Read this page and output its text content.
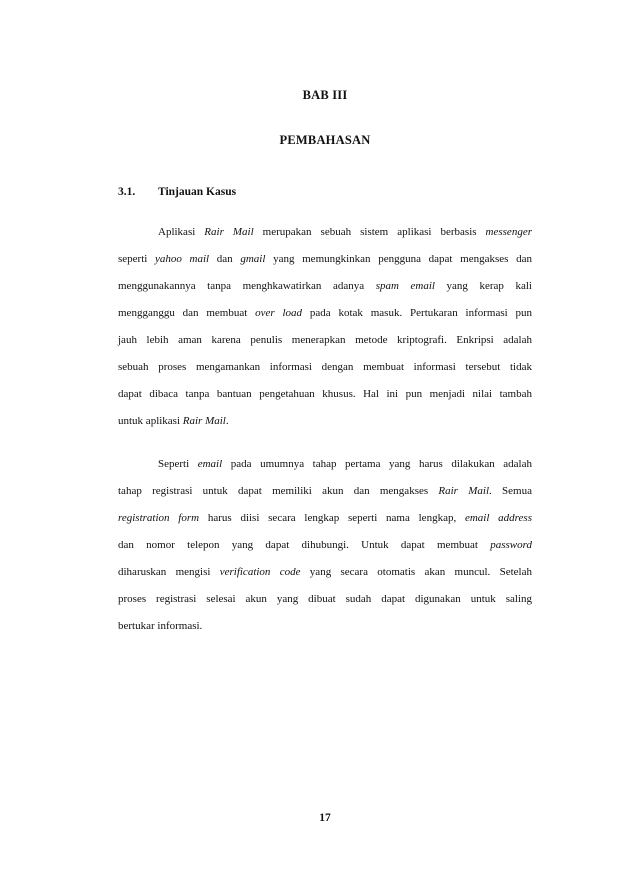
BAB III
PEMBAHASAN
3.1. Tinjauan Kasus
Aplikasi Rair Mail merupakan sebuah sistem aplikasi berbasis messenger
seperti yahoo mail dan gmail yang memungkinkan pengguna dapat mengakses dan
menggunakannya tanpa menghkawatirkan adanya spam email yang kerap kali
mengganggu dan membuat over load pada kotak masuk. Pertukaran informasi pun
jauh lebih aman karena penulis menerapkan metode kriptografi. Enkripsi adalah
sebuah proses mengamankan informasi dengan membuat informasi tersebut tidak
dapat dibaca tanpa bantuan pengetahuan khusus. Hal ini pun menjadi nilai tambah
untuk aplikasi Rair Mail.
Seperti email pada umumnya tahap pertama yang harus dilakukan adalah
tahap registrasi untuk dapat memiliki akun dan mengakses Rair Mail. Semua
registration form harus diisi secara lengkap seperti nama lengkap, email address
dan nomor telepon yang dapat dihubungi. Untuk dapat membuat password
diharuskan mengisi verification code yang secara otomatis akan muncul. Setelah
proses registrasi selesai akun yang dibuat sudah dapat digunakan untuk saling
bertukar informasi.
17
